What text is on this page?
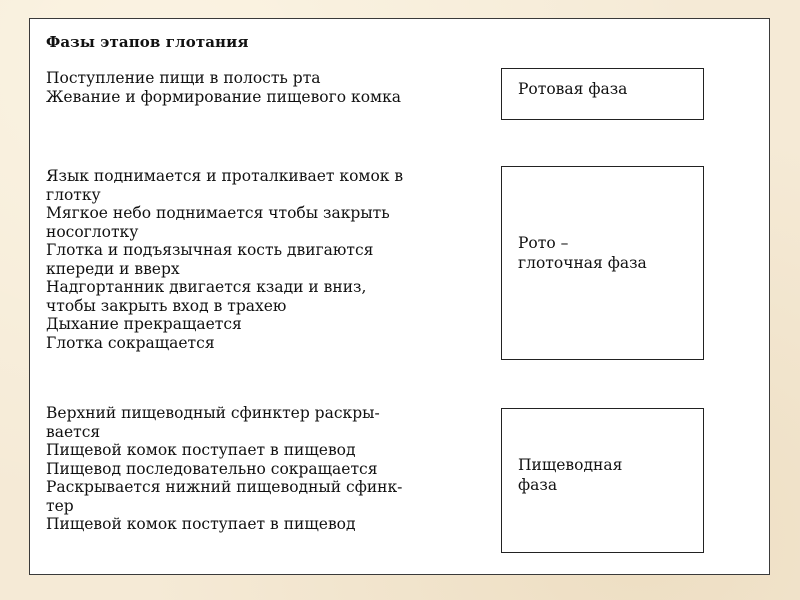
Фазы этапов глотания
Поступление пищи в полость рта
Жевание и формирование пищевого комка	Ротовая фаза
Язык поднимается и проталкивает комок в
глотку
Мягкое небо поднимается чтобы закрыть
носоглотку
Глотка и подъязычная кость двигаются
кпереди и вверх
Надгортанник двигается кзади и вниз,
чтобы закрыть вход в трахею
Дыхание прекращается
Глотка сокращается
Рото –
глоточная фаза
Верхний пищеводный сфинктер раскры-
вается
Пищевой комок поступает в пищевод
Пищевод последовательно сокращается
Раскрывается нижний пищеводный сфинк-
тер
Пищевой комок поступает в пищевод
Пищеводная
фаза
